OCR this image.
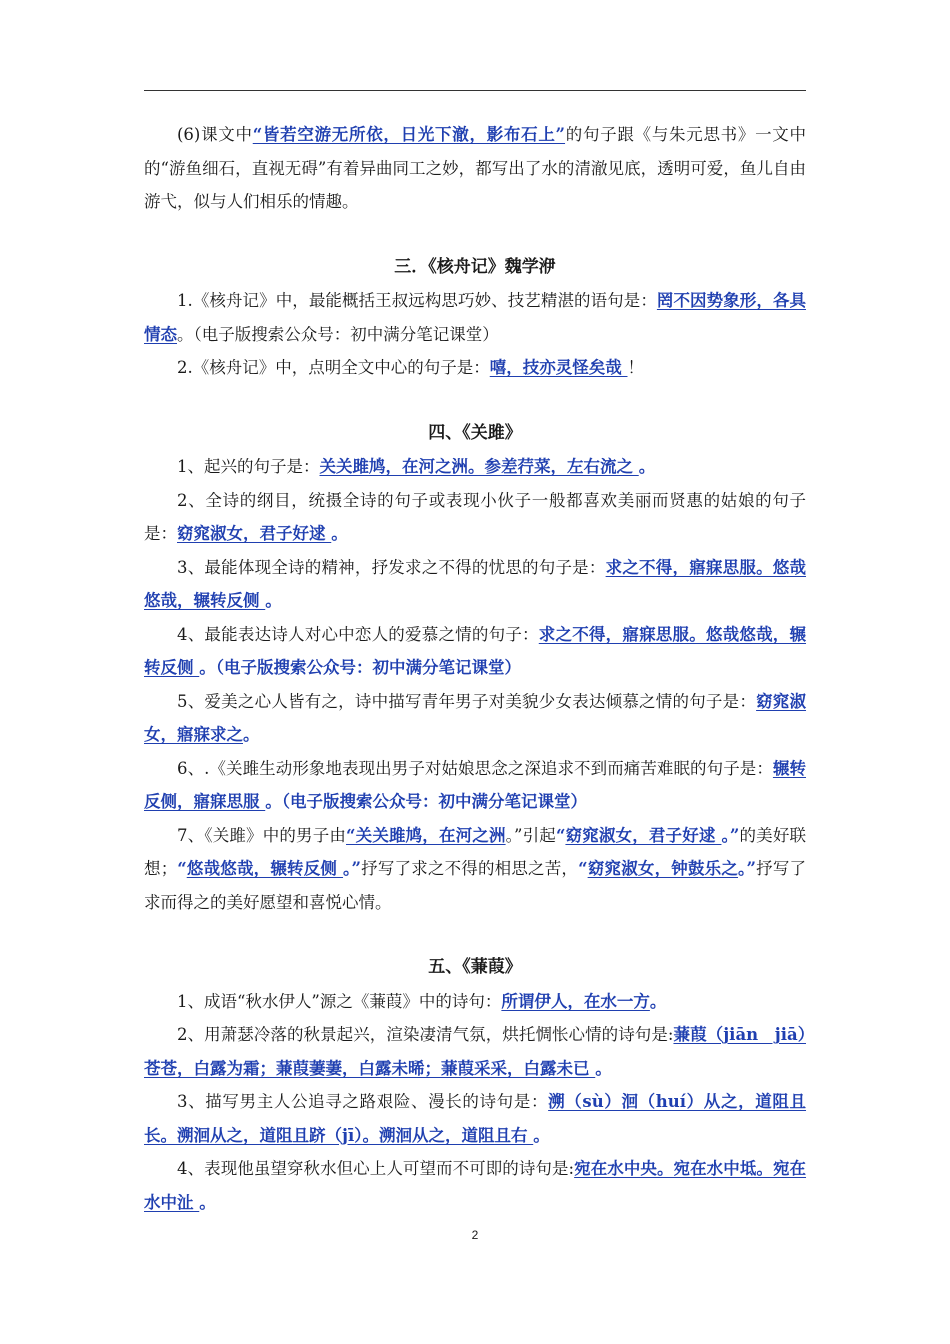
(6)课文中“皆若空游无所依，日光下澈，影布石上”的句子跟《与朱元思书》一文中的“游鱼细石，直视无碍”有着异曲同工之妙，都写出了水的清澈见底，透明可爱，鱼儿自由游弋，似与人们相乐的情趣。

三．《核舟记》魏学洢

1.《核舟记》中，最能概括王叔远构思巧妙、技艺精湛的语句是：罔不因势象形，各具情态。（电子版搜索公众号：初中满分笔记课堂）

2.《核舟记》中，点明全文中心的句子是：嘻，技亦灵怪矣哉 ！

四、《关雎》

1、起兴的句子是：关关雎鸠，在河之洲。参差荇菜，左右流之 。

2、全诗的纲目，统摄全诗的句子或表现小伙子一般都喜欢美丽而贤惠的姑娘的句子是：窈窕淑女，君子好逑 。

3、最能体现全诗的精神，抒发求之不得的忧思的句子是：求之不得，寤寐思服。悠哉悠哉，辗转反侧 。

4、最能表达诗人对心中恋人的爱慕之情的句子：求之不得，寤寐思服。悠哉悠哉，辗转反侧 。（电子版搜索公众号：初中满分笔记课堂）

5、爱美之心人皆有之，诗中描写青年男子对美貌少女表达倾慕之情的句子是：窈窕淑女，寤寐求之。

6、.《关雎生动形象地表现出男子对姑娘思念之深追求不到而痛苦难眠的句子是：辗转反侧，寤寐思服 。（电子版搜索公众号：初中满分笔记课堂）

7、《关雎》中的男子由“关关雎鸠，在河之洲。”引起“窈窕淑女，君子好逑 。”的美好联想；“悠哉悠哉，辗转反侧 。”抒写了求之不得的相思之苦，“窈窕淑女，钟鼓乐之。”抒写了求而得之的美好愿望和喜悦心情。

五、《蒹葭》

1、成语“秋水伊人”源之《蒹葭》中的诗句：所谓伊人，在水一方。

2、用萧瑟冷落的秋景起兴，渲染凄清气氛，烘托惆怅心情的诗句是:蒹葭（jiān　jiā）苍苍，白露为霜；蒹葭萋萋，白露未晞；蒹葭采采，白露未已 。

3、描写男主人公追寻之路艰险、漫长的诗句是：溯（sù）洄（huí）从之，道阻且长。溯洄从之，道阻且跻（jī）。溯洄从之，道阻且右 。

4、表现他虽望穿秋水但心上人可望而不可即的诗句是:宛在水中央。宛在水中坻。宛在水中沚 。

2
